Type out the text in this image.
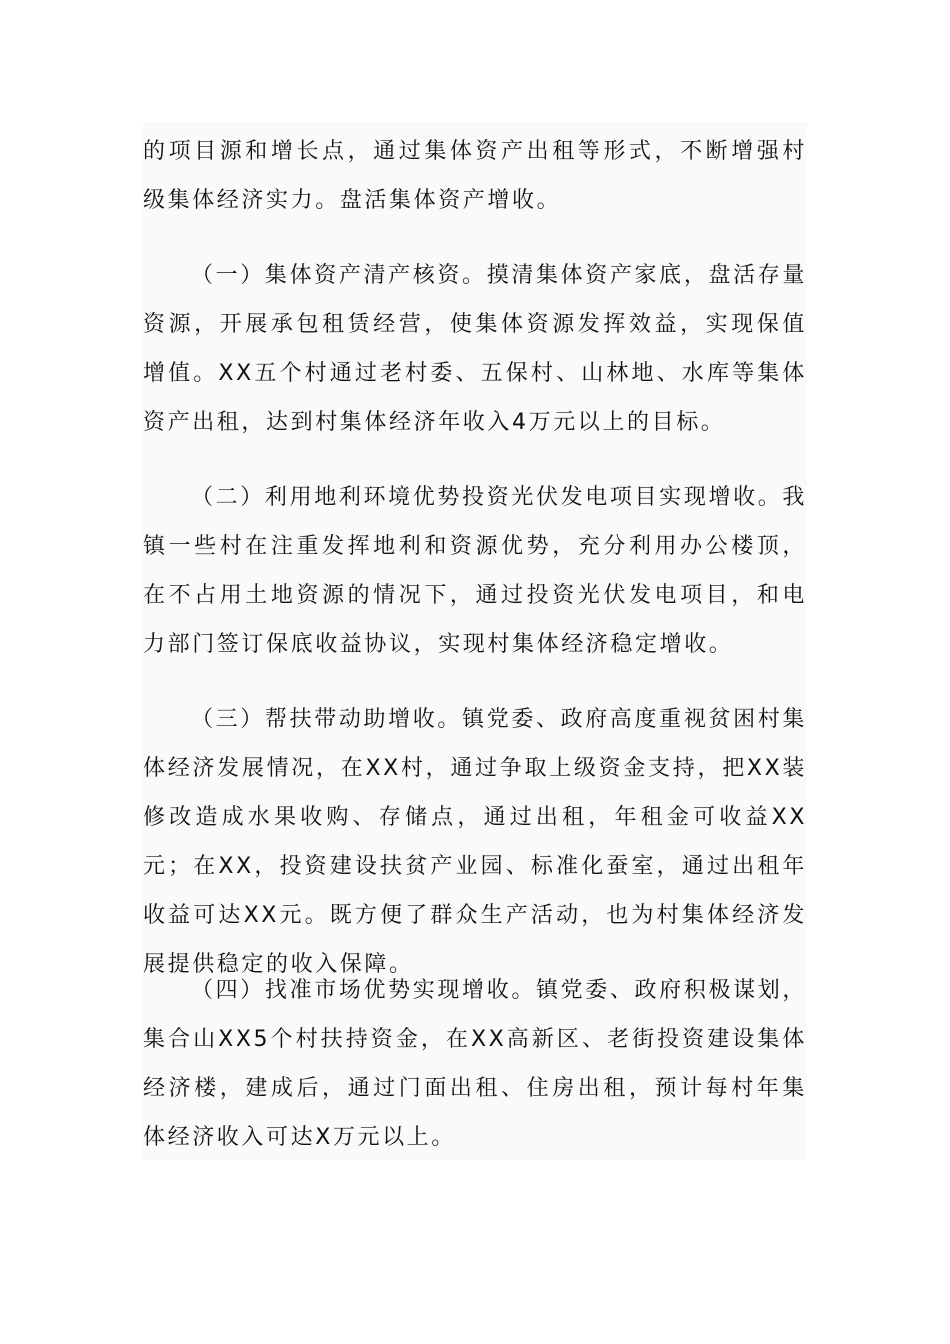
的项目源和增长点，通过集体资产出租等形式，不断增强村级集体经济实力。盘活集体资产增收。

（一）集体资产清产核资。摸清集体资产家底，盘活存量资源，开展承包租赁经营，使集体资源发挥效益，实现保值增值。XX五个村通过老村委、五保村、山林地、水库等集体资产出租，达到村集体经济年收入4万元以上的目标。

（二）利用地利环境优势投资光伏发电项目实现增收。我镇一些村在注重发挥地利和资源优势，充分利用办公楼顶，在不占用土地资源的情况下，通过投资光伏发电项目，和电力部门签订保底收益协议，实现村集体经济稳定增收。

（三）帮扶带动助增收。镇党委、政府高度重视贫困村集体经济发展情况，在XX村，通过争取上级资金支持，把XX装修改造成水果收购、存储点，通过出租，年租金可收益XX元；在XX，投资建设扶贫产业园、标准化蚕室，通过出租年收益可达XX元。既方便了群众生产活动，也为村集体经济发展提供稳定的收入保障。

（四）找准市场优势实现增收。镇党委、政府积极谋划，集合山XX5个村扶持资金，在XX高新区、老街投资建设集体经济楼，建成后，通过门面出租、住房出租，预计每村年集体经济收入可达X万元以上。
